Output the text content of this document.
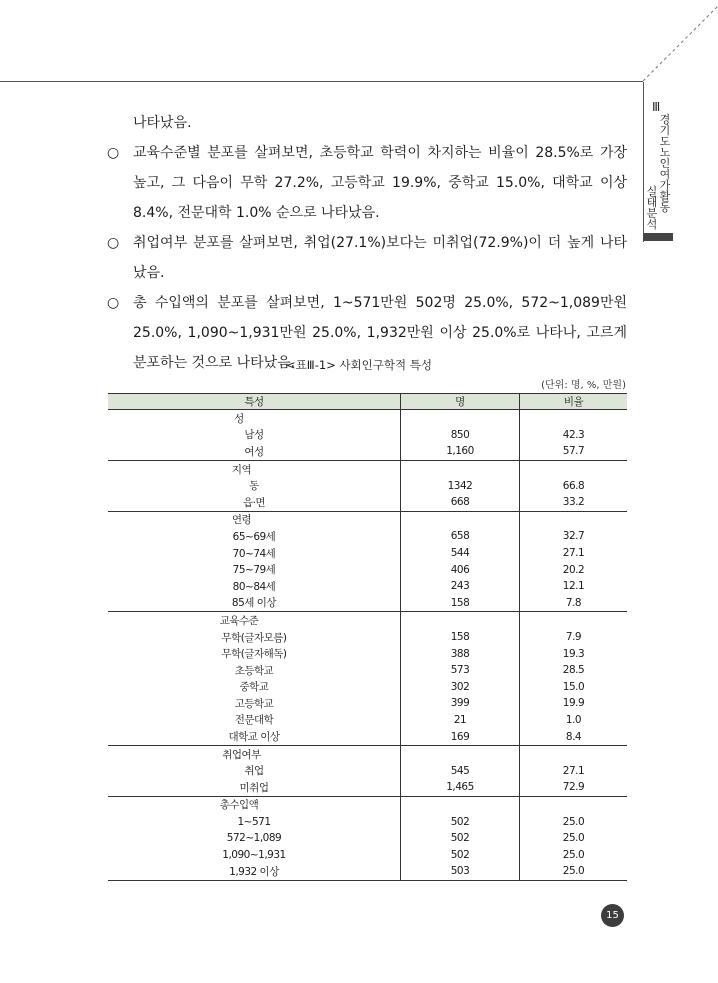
Ⅲ
경기도 노인여가활동
실태분석
나타났음.
○ 교육수준별 분포를 살펴보면, 초등학교 학력이 차지하는 비율이 28.5%로 가장 높고, 그 다음이 무학 27.2%, 고등학교 19.9%, 중학교 15.0%, 대학교 이상 8.4%, 전문대학 1.0% 순으로 나타났음.
○ 취업여부 분포를 살펴보면, 취업(27.1%)보다는 미취업(72.9%)이 더 높게 나타났음.
○ 총 수입액의 분포를 살펴보면, 1~571만원 502명 25.0%, 572~1,089만원 25.0%, 1,090~1,931만원 25.0%, 1,932만원 이상 25.0%로 나타나, 고르게 분포하는 것으로 나타났음.
<표Ⅲ-1> 사회인구학적 특성
(단위: 명, %, 만원)
특성	명	비율
성		
남성	850	42.3
여성	1,160	57.7
지역		
동	1342	66.8
읍·면	668	33.2
연령		
65~69세	658	32.7
70~74세	544	27.1
75~79세	406	20.2
80~84세	243	12.1
85세 이상	158	7.8
교육수준		
무학(글자모름)	158	7.9
무학(글자해독)	388	19.3
초등학교	573	28.5
중학교	302	15.0
고등학교	399	19.9
전문대학	21	1.0
대학교 이상	169	8.4
취업여부		
취업	545	27.1
미취업	1,465	72.9
총수입액		
1~571	502	25.0
572~1,089	502	25.0
1,090~1,931	502	25.0
1,932 이상	503	25.0
15
